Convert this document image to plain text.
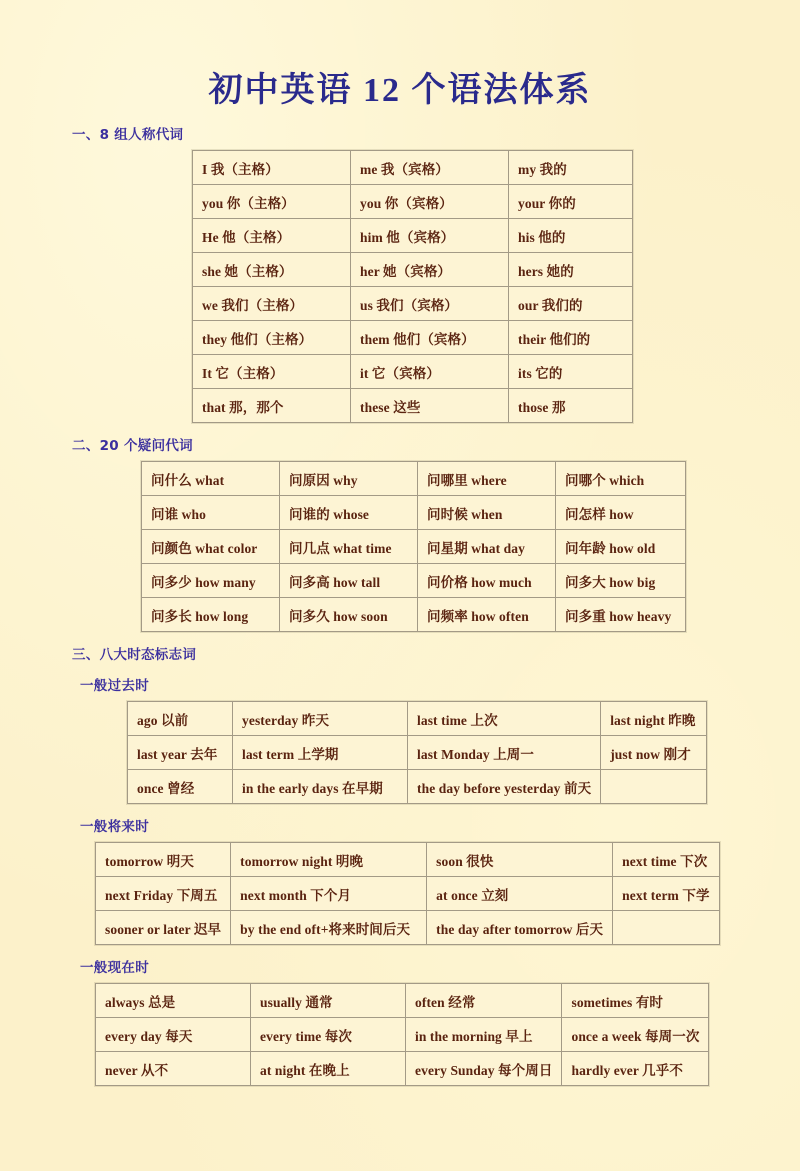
初中英语 12 个语法体系
一、8 组人称代词
I 我（主格）	me 我（宾格）	my 我的
you 你（主格）	you 你（宾格）	your 你的
He 他（主格）	him 他（宾格）	his 他的
she 她（主格）	her 她（宾格）	hers 她的
we 我们（主格）	us 我们（宾格）	our 我们的
they 他们（主格）	them 他们（宾格）	their 他们的
It 它（主格）	it 它（宾格）	its 它的
that 那，那个	these 这些	those 那
二、20 个疑问代词
问什么 what	问原因 why	问哪里 where	问哪个 which
问谁 who	问谁的 whose	问时候 when	问怎样 how
问颜色 what color	问几点 what time	问星期 what day	问年龄 how old
问多少 how many	问多高 how tall	问价格 how much	问多大 how big
问多长 how long	问多久 how soon	问频率 how often	问多重 how heavy
三、八大时态标志词
一般过去时
ago 以前	yesterday 昨天	last time 上次	last night 昨晚
last year 去年	last term 上学期	last Monday 上周一	just now 刚才
once 曾经	in the early days 在早期	the day before yesterday 前天	
一般将来时
tomorrow 明天	tomorrow night 明晚	soon 很快	next time 下次
next Friday 下周五	next month 下个月	at once 立刻	next term 下学
sooner or later 迟早	by the end oft+将来时间后天	the day after tomorrow 后天	
一般现在时
always 总是	usually 通常	often 经常	sometimes 有时
every day 每天	every time 每次	in the morning 早上	once a week 每周一次
never 从不	at night 在晚上	every Sunday 每个周日	hardly ever 几乎不
